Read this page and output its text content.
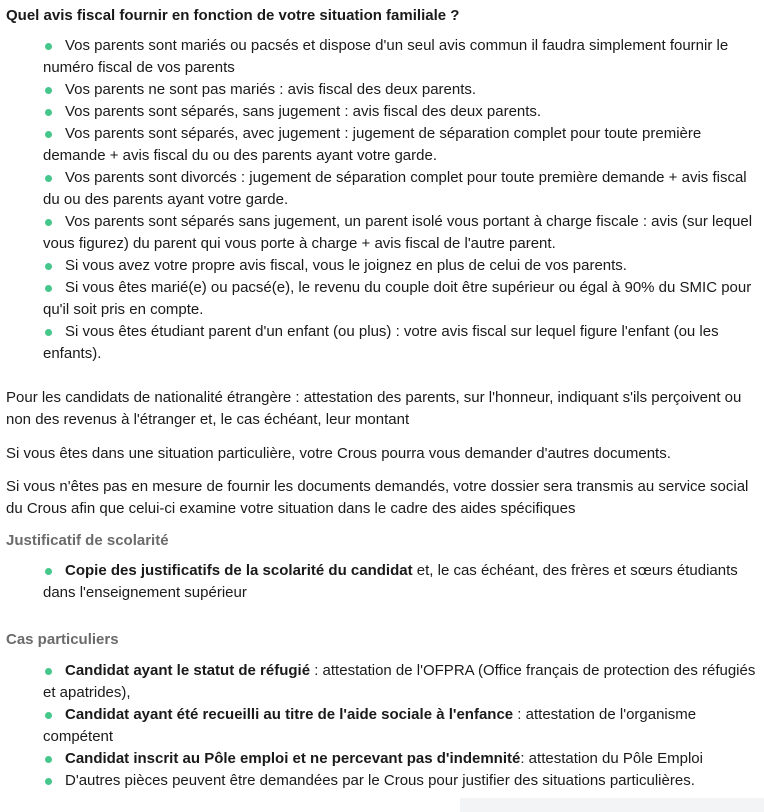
Quel avis fiscal fournir en fonction de votre situation familiale ?
Vos parents sont mariés ou pacsés et dispose d'un seul avis commun il faudra simplement fournir le numéro fiscal de vos parents
Vos parents ne sont pas mariés : avis fiscal des deux parents.
Vos parents sont séparés, sans jugement : avis fiscal des deux parents.
Vos parents sont séparés, avec jugement : jugement de séparation complet pour toute première demande + avis fiscal du ou des parents ayant votre garde.
Vos parents sont divorcés : jugement de séparation complet pour toute première demande + avis fiscal du ou des parents ayant votre garde.
Vos parents sont séparés sans jugement, un parent isolé vous portant à charge fiscale : avis (sur lequel vous figurez) du parent qui vous porte à charge + avis fiscal de l'autre parent.
Si vous avez votre propre avis fiscal, vous le joignez en plus de celui de vos parents.
Si vous êtes marié(e) ou pacsé(e), le revenu du couple doit être supérieur ou égal à 90% du SMIC pour qu'il soit pris en compte.
Si vous êtes étudiant parent d'un enfant (ou plus) : votre avis fiscal sur lequel figure l'enfant (ou les enfants).

Pour les candidats de nationalité étrangère : attestation des parents, sur l'honneur, indiquant s'ils perçoivent ou non des revenus à l'étranger et, le cas échéant, leur montant

Si vous êtes dans une situation particulière, votre Crous pourra vous demander d'autres documents.

Si vous n'êtes pas en mesure de fournir les documents demandés, votre dossier sera transmis au service social du Crous afin que celui-ci examine votre situation dans le cadre des aides spécifiques

Justificatif de scolarité
Copie des justificatifs de la scolarité du candidat et, le cas échéant, des frères et sœurs étudiants dans l'enseignement supérieur
Cas particuliers
Candidat ayant le statut de réfugié : attestation de l'OFPRA (Office français de protection des réfugiés et apatrides),
Candidat ayant été recueilli au titre de l'aide sociale à l'enfance : attestation de l'organisme compétent
Candidat inscrit au Pôle emploi et ne percevant pas d'indemnité: attestation du Pôle Emploi
D'autres pièces peuvent être demandées par le Crous pour justifier des situations particulières.
